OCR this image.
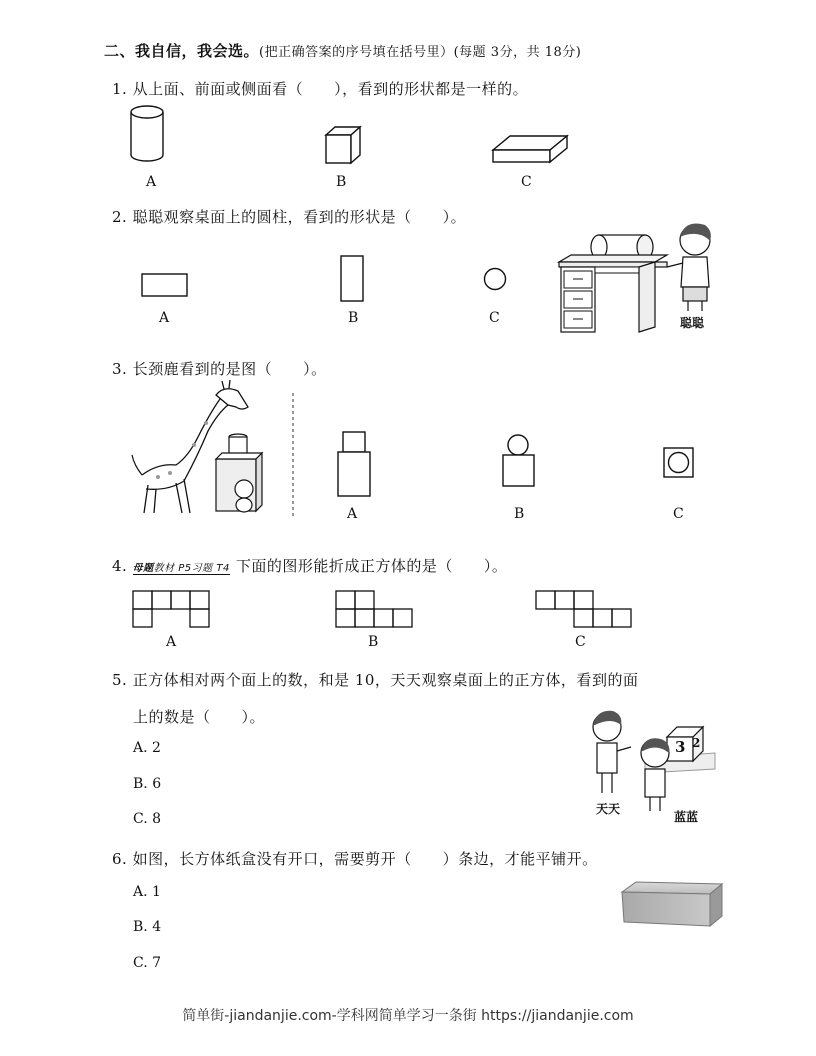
二、我自信，我会选。(把正确答案的序号填在括号里）(每题 3分，共 18分)
1. 从上面、前面或侧面看（　　），看到的形状都是一样的。
A	B	C
2. 聪聪观察桌面上的圆柱，看到的形状是（　　）。
A	B	C	聪聪
3. 长颈鹿看到的是图（　　）。
A	B	C
4. 母题教材 P5习题 T4 下面的图形能折成正方体的是（　　）。
A	B	C
5. 正方体相对两个面上的数，和是 10，天天观察桌面上的正方体，看到的面
上的数是（　　）。
A. 2
B. 6
C. 8
3 2
天天
蓝蓝
6. 如图，长方体纸盒没有开口，需要剪开（　　）条边，才能平铺开。
A. 1
B. 4
C. 7
简单街-jiandanjie.com-学科网简单学习一条街 https://jiandanjie.com
